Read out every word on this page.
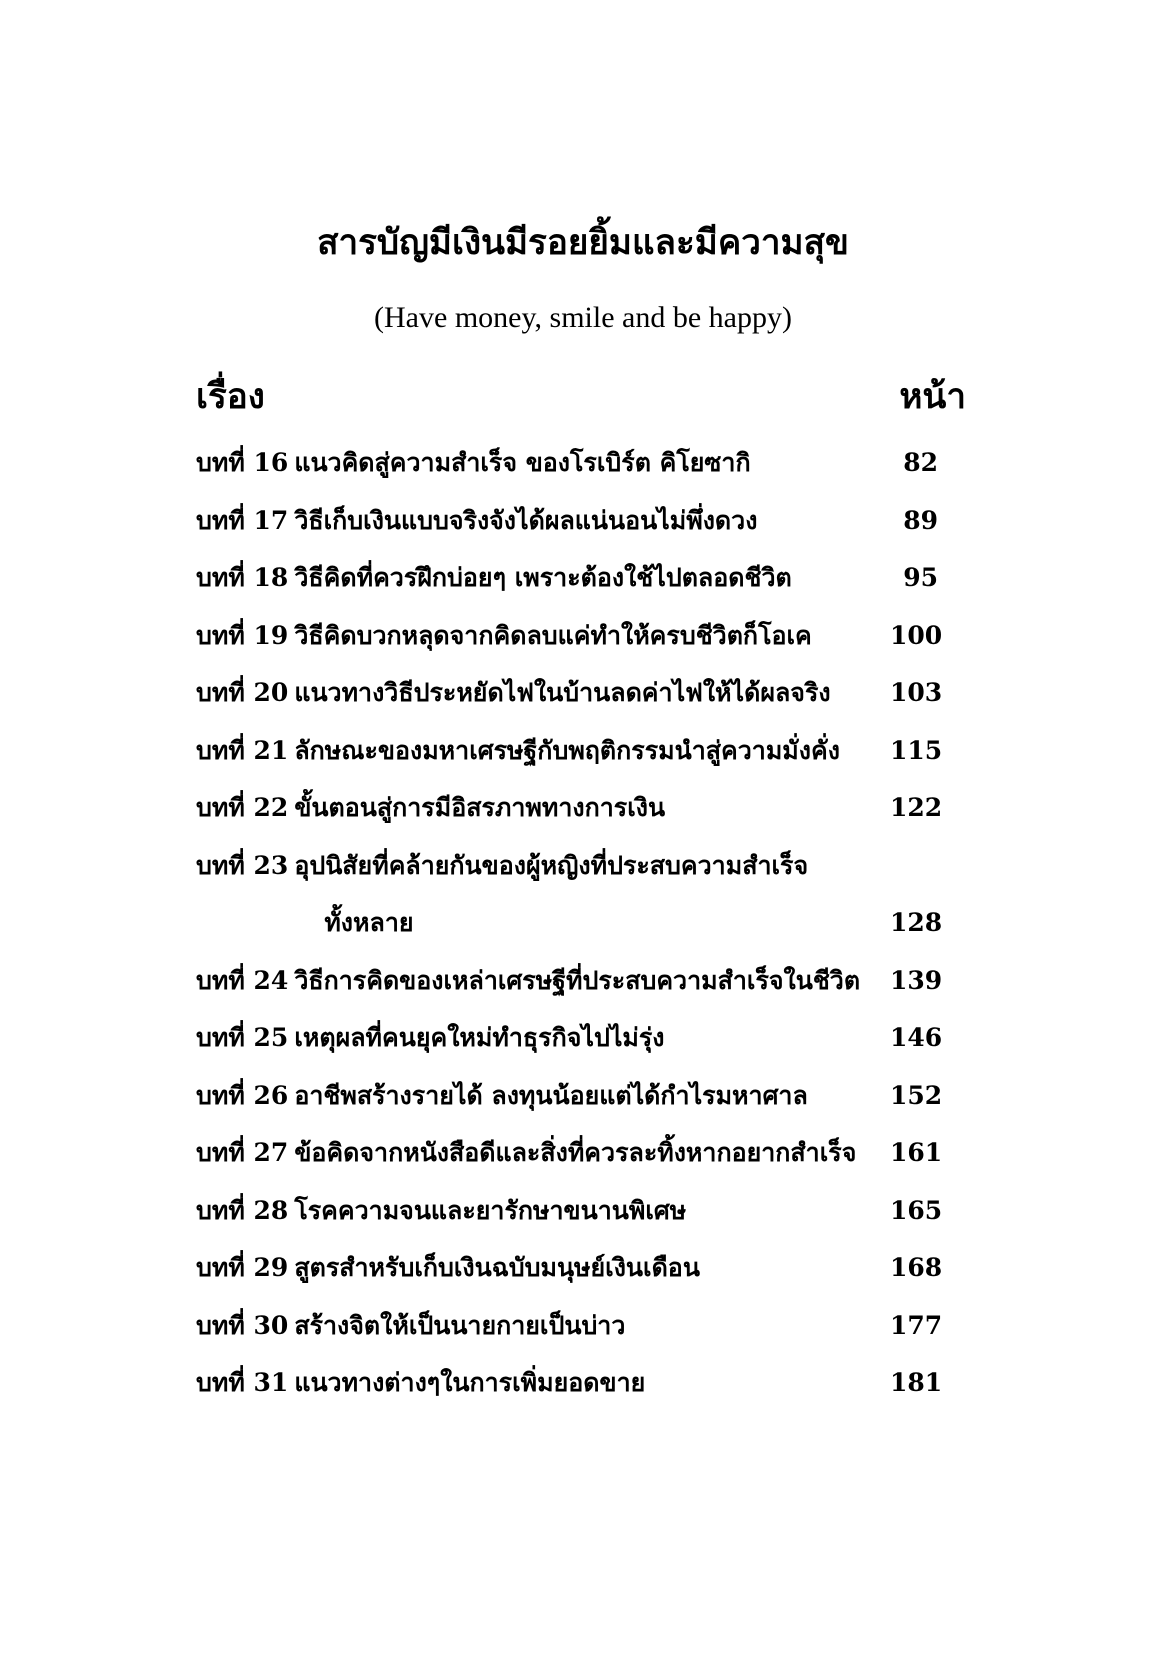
สารบัญมีเงินมีรอยยิ้มและมีความสุข
(Have money, smile and be happy)
เรื่อง	หน้า
บทที่ 16 แนวคิดสู่ความสำเร็จ ของโรเบิร์ต คิโยซากิ	82
บทที่ 17 วิธีเก็บเงินแบบจริงจังได้ผลแน่นอนไม่พึ่งดวง	89
บทที่ 18 วิธีคิดที่ควรฝึกบ่อยๆ เพราะต้องใช้ไปตลอดชีวิต	95
บทที่ 19 วิธีคิดบวกหลุดจากคิดลบแค่ทำให้ครบชีวิตก็โอเค	100
บทที่ 20 แนวทางวิธีประหยัดไฟในบ้านลดค่าไฟให้ได้ผลจริง 103
บทที่ 21 ลักษณะของมหาเศรษฐีกับพฤติกรรมนำสู่ความมั่งคั่ง 115
บทที่ 22 ขั้นตอนสู่การมีอิสรภาพทางการเงิน	122
บทที่ 23 อุปนิสัยที่คล้ายกันของผู้หญิงที่ประสบความสำเร็จ
ทั้งหลาย	128
บทที่ 24 วิธีการคิดของเหล่าเศรษฐีที่ประสบความสำเร็จในชีวิต 139
บทที่ 25 เหตุผลที่คนยุคใหม่ทำธุรกิจไปไม่รุ่ง	146
บทที่ 26 อาชีพสร้างรายได้ ลงทุนน้อยแต่ได้กำไรมหาศาล	152
บทที่ 27 ข้อคิดจากหนังสือดีและสิ่งที่ควรละทิ้งหากอยากสำเร็จ 161
บทที่ 28 โรคความจนและยารักษาขนานพิเศษ	165
บทที่ 29 สูตรสำหรับเก็บเงินฉบับมนุษย์เงินเดือน	168
บทที่ 30 สร้างจิตให้เป็นนายกายเป็นบ่าว	177
บทที่ 31 แนวทางต่างๆในการเพิ่มยอดขาย	181
